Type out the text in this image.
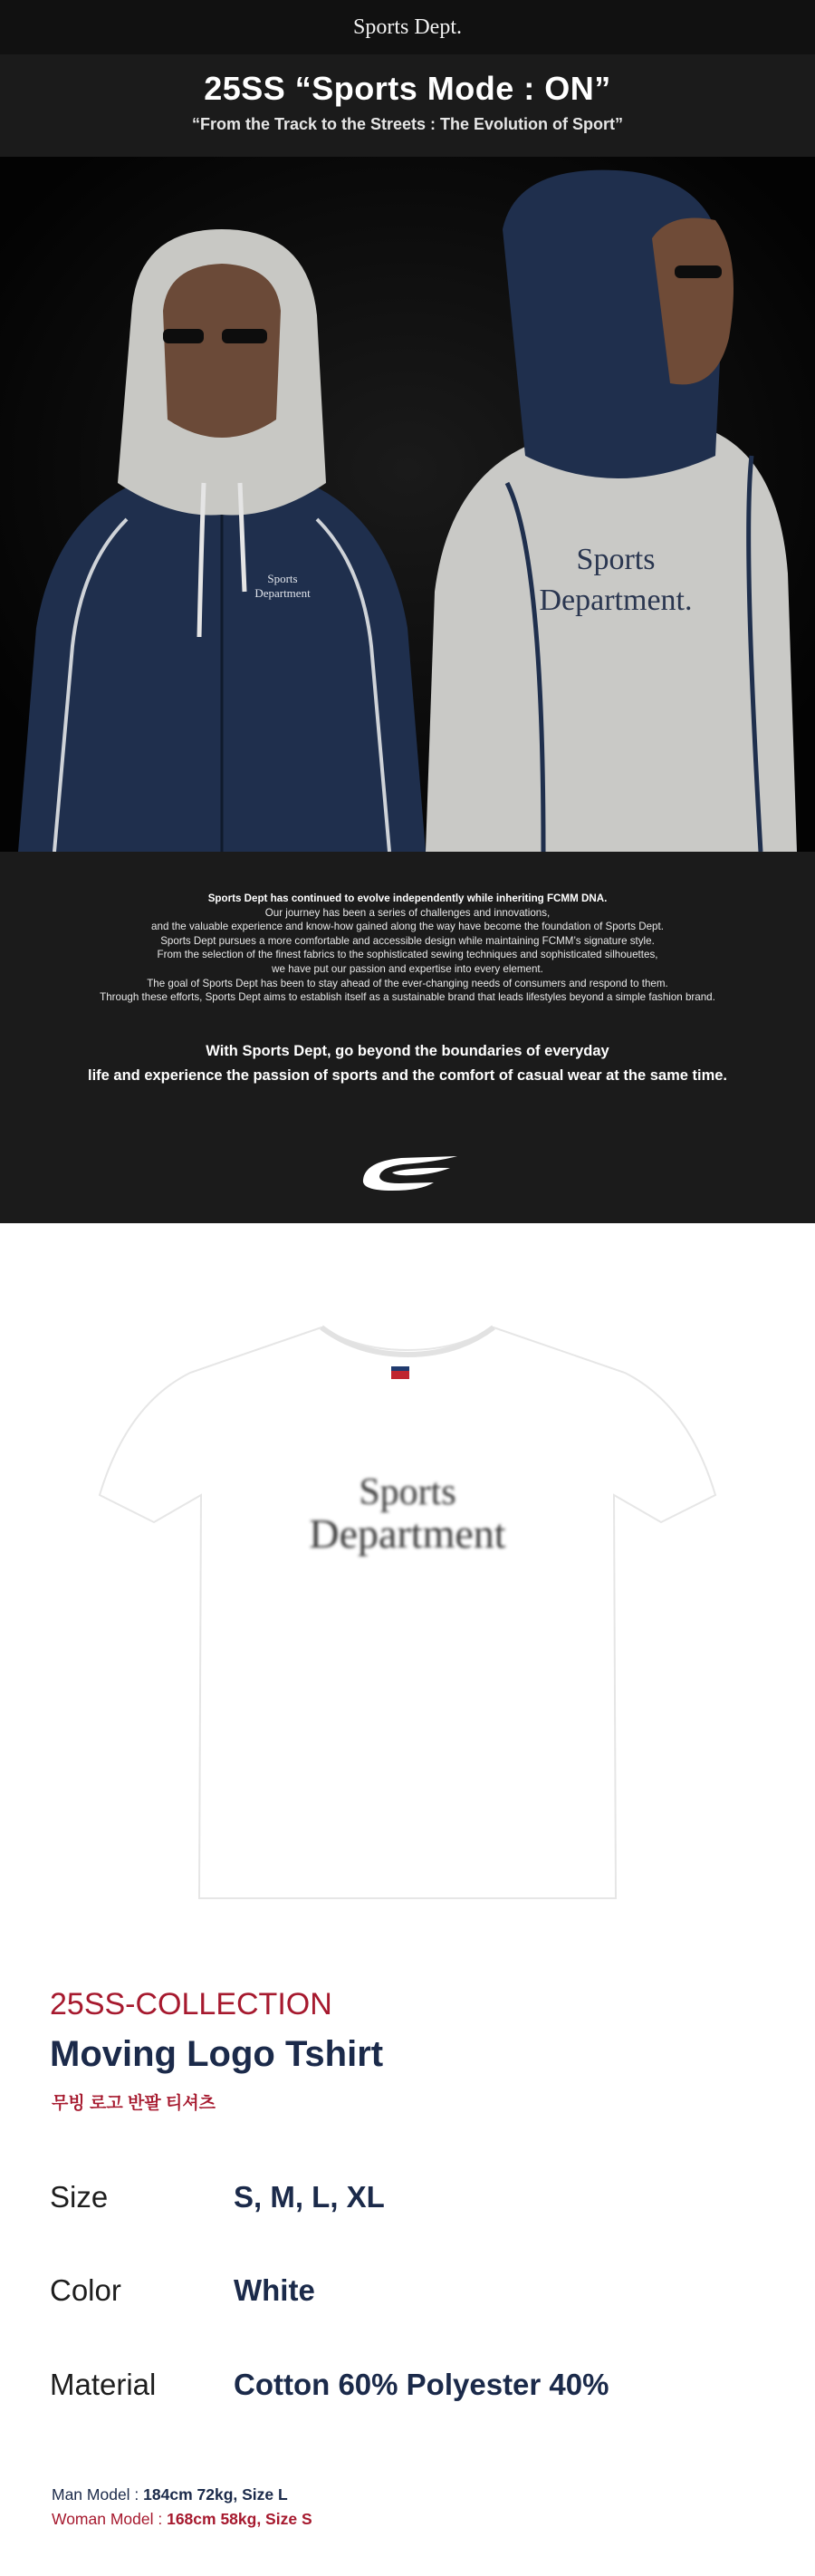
Sports Dept.
25SS “Sports Mode : ON”
“From the Track to the Streets : The Evolution of Sport”
Sports
Department
Sports
Department.
Sports Dept has continued to evolve independently while inheriting FCMM DNA.
Our journey has been a series of challenges and innovations,
and the valuable experience and know-how gained along the way have become the foundation of Sports Dept.
Sports Dept pursues a more comfortable and accessible design while maintaining FCMM’s signature style.
From the selection of the finest fabrics to the sophisticated sewing techniques and sophisticated silhouettes,
we have put our passion and expertise into every element.
The goal of Sports Dept has been to stay ahead of the ever-changing needs of consumers and respond to them.
Through these efforts, Sports Dept aims to establish itself as a sustainable brand that leads lifestyles beyond a simple fashion brand.
With Sports Dept, go beyond the boundaries of everyday
life and experience the passion of sports and the comfort of casual wear at the same time.
Sports
Department
25SS-COLLECTION
Moving Logo Tshirt
무빙 로고 반팔 티셔츠
Size	S, M, L, XL
Color	White
Material	Cotton 60% Polyester 40%
Man Model : 184cm 72kg, Size L
Woman Model : 168cm 58kg, Size S
